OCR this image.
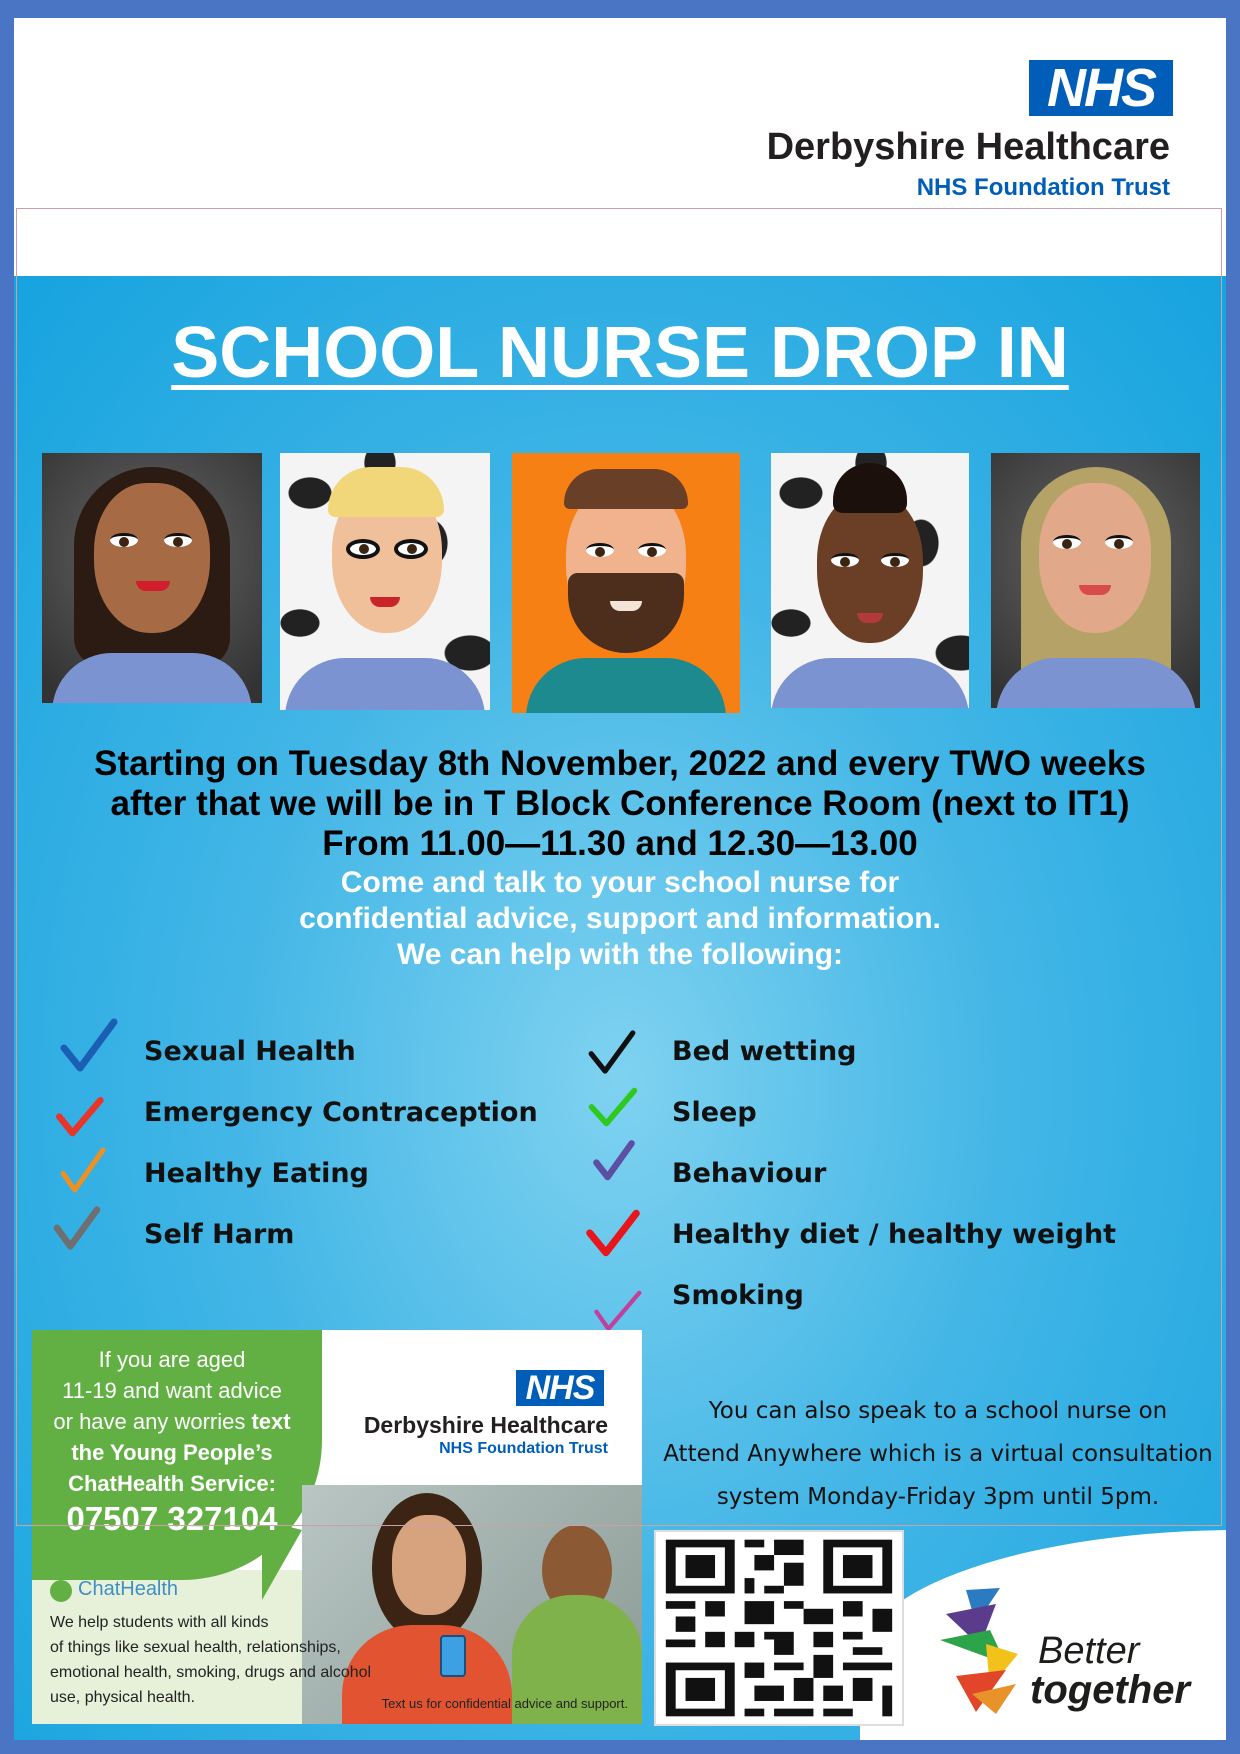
NHS
Derbyshire Healthcare
NHS Foundation Trust
SCHOOL NURSE DROP IN
Starting on Tuesday 8th November, 2022 and every TWO weeks
after that we will be in T Block Conference Room (next to IT1)
From 11.00—11.30 and 12.30—13.00
Come and talk to your school nurse for
confidential advice, support and information.
We can help with the following:
Sexual Health
Emergency Contraception
Healthy Eating
Self Harm
Bed wetting
Sleep
Behaviour
Healthy diet / healthy weight
Smoking
If you are aged
11-19 and want advice
or have any worries text
the Young People’s
ChatHealth Service:
07507 327104
NHS
Derbyshire Healthcare
NHS Foundation Trust
ChatHealth
We help students with all kinds
of things like sexual health, relationships,
emotional health, smoking, drugs and alcohol
use, physical health.	Text us for confidential advice and support.
You can also speak to a school nurse on
Attend Anywhere which is a virtual consultation
system Monday-Friday 3pm until 5pm.
Better
together
